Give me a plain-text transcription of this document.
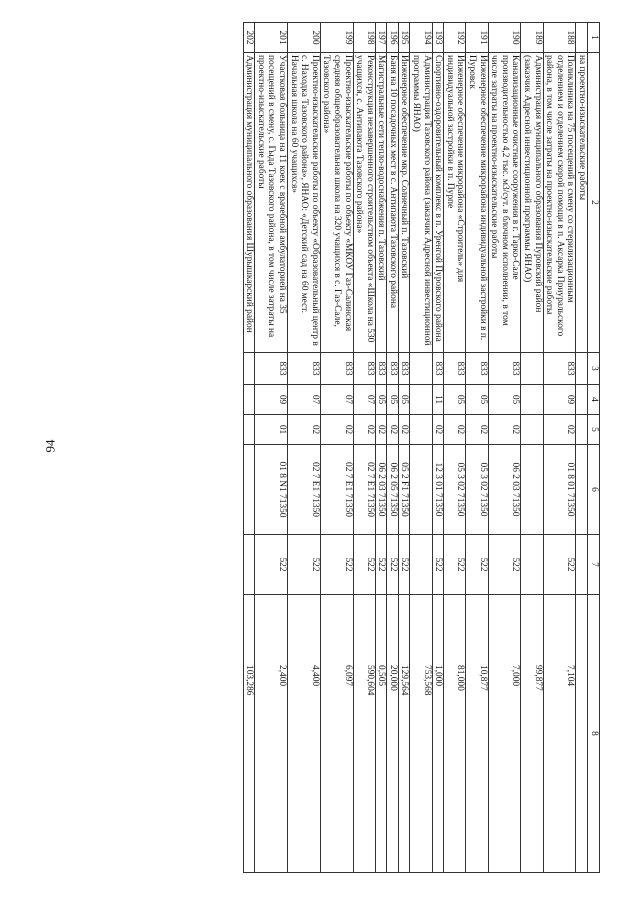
94
1	2	3	4	5	6	7	8
	на проектно-изыскательские работы						
188	Поликлиника на 75 посещений в смену со стерилизационным отделением и отделением скорой помощи в п. Аксарка Приуральского района, в том числе затраты на проектно-изыскательские работы	833	09	02	01 8 01 71350	522	7,104
189	Администрация муниципального образования Пуровский район (заказчик Адресной инвестиционной программы ЯНАО)						99,877
190	Канализационные очистные сооружения в г. Тарко-Сале производительностью 4,2 тыс. м3/сут. в блочном исполнении, в том числе затраты на проектно-изыскательские работы	833	05	02	06 2 03 71350	522	7,000
191	Инженерное обеспечение микрорайона индивидуальной застройки в п. Пуровск	833	05	02	05 3 02 71350	522	10,877
192	Инженерное обеспечение микрорайона «Строитель» для индивидуальной застройки в п. Пурпе	833	05	02	05 3 02 71350	522	81,000
193	Спортивно-оздоровительный комплекс в п. Уренгой Пуровского района	833	11	02	12 3 01 71350	522	1,000
194	Администрация Тазовского района (заказчик Адресной инвестиционной программы ЯНАО)						753,568
195	Инженерное обеспечение мкр. Солнечный п. Тазовский	833	05	02	05 2 F1 71350	522	129,564
196	Баня на 10 посадочных мест в с. Антипаюта Тазовского района	833	05	02	06 2 05 71350	522	20,000
197	Магистральные сети тепло-водоснабжения п. Тазовский	833	05	02	06 2 03 71350	522	0,505
198	Реконструкция незавершенного строительством объекта «Школа на 530 учащихся, с. Антипаюта Тазовского района»	833	07	02	02 7 E1 71350	522	590,604
199	Проектно-изыскательские работы по объекту «МКОУ Газ-Салинская средняя общеобразовательная школа на 320 учащихся в с. Газ-Сале, Тазовского района»	833	07	02	02 7 E1 71350	522	6,097
200	Проектно-изыскательские работы по объекту «Образовательный центр в с. Находка Тазовского района», ЯНАО: «Детский сад на 60 мест. Начальная школа на 60 учащихся»	833	07	02	02 7 E1 71350	522	4,400
201	Участковая больница на 11 коек с врачебной амбулаторией на 35 посещений в смену, с. Гыда Тазовского района, в том числе затраты на проектно-изыскательские работы	833	09	01	01 8 N1 71350	522	2,400
202	Администрация муниципального образования Шурышкарский район						103,286
